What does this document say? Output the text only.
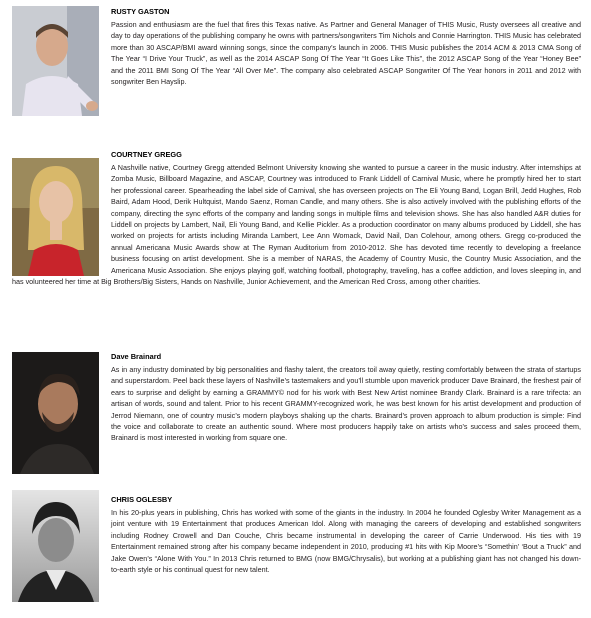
RUSTY GASTON
Passion and enthusiasm are the fuel that fires this Texas native. As Partner and General Manager of THIS Music, Rusty oversees all creative and day to day operations of the publishing company he owns with partners/songwriters Tim Nichols and Connie Harrington. THIS Music has celebrated more than 30 ASCAP/BMI award winning songs, since the company’s launch in 2006. THIS Music publishes the 2014 ACM & 2013 CMA Song of The Year “I Drive Your Truck”, as well as the 2014 ASCAP Song Of The Year “It Goes Like This”, the 2012 ASCAP Song of the Year “Honey Bee” and the 2011 BMI Song Of The Year “All Over Me”. The company also celebrated ASCAP Songwriter Of The Year honors in 2011 and 2012 with songwriter Ben Hayslip.
COURTNEY GREGG
A Nashville native, Courtney Gregg attended Belmont University knowing she wanted to pursue a career in the music industry. After internships at Zomba Music, Billboard Magazine, and ASCAP, Courtney was introduced to Frank Liddell of Carnival Music, where he promptly hired her to start her professional career. Spearheading the label side of Carnival, she has overseen projects on The Eli Young Band, Logan Brill, Jedd Hughes, Rob Baird, Adam Hood, Derik Hultquist, Mando Saenz, Roman Candle, and many others. She is also actively involved with the publishing efforts of the company, directing the sync efforts of the company and landing songs in multiple films and television shows. She has also handled A&R duties for Liddell on projects by Lambert, Nail, Eli Young Band, and Kellie Pickler. As a production coordinator on many albums produced by Liddell, she has worked on projects for artists including Miranda Lambert, Lee Ann Womack, David Nail, Dan Colehour, among others. Gregg co-produced the annual Americana Music Awards show at The Ryman Auditorium from 2010-2012. She has devoted time recently to developing a freelance business focusing on artist development. She is a member of NARAS, the Academy of Country Music, the Country Music Association, and the Americana Music Association. She enjoys playing golf, watching football, photography, traveling, has a coffee addiction, and loves sleeping in, and has volunteered her time at Big Brothers/Big Sisters, Hands on Nashville, Junior Achievement, and the American Red Cross, among other charities.
Dave Brainard
As in any industry dominated by big personalities and flashy talent, the creators toil away quietly, resting comfortably between the strata of startups and superstardom. Peel back these layers of Nashville’s tastemakers and you’ll stumble upon maverick producer Dave Brainard, the freshest pair of ears to surprise and delight by earning a GRAMMY© nod for his work with Best New Artist nominee Brandy Clark. Brainard is a rare trifecta: an artisan of words, sound and talent. Prior to his recent GRAMMY-recognized work, he was best known for his artist development and production of Jerrod Niemann, one of country music’s modern playboys shaking up the charts. Brainard’s proven approach to album production is simple: Find the voice and collaborate to create an authentic sound. Where most producers happily take on artists who’s success and sales proceed them, Brainard is most interested in working from square one.
CHRIS OGLESBY
In his 20-plus years in publishing, Chris has worked with some of the giants in the industry. In 2004 he founded Oglesby Writer Management as a joint venture with 19 Entertainment that produces American Idol. Along with managing the careers of developing and established songwriters including Rodney Crowell and Dan Couche, Chris became instrumental in developing the career of Carrie Underwood. His ties with 19 Entertainment remained strong after his company became independent in 2010, producing #1 hits with Kip Moore’s “Somethin’ ‘Bout a Truck” and Jake Owen’s “Alone With You.” In 2013 Chris returned to BMG (now BMG/Chrysalis), but working at a publishing giant has not changed his down-to-earth style or his continual quest for new talent.
